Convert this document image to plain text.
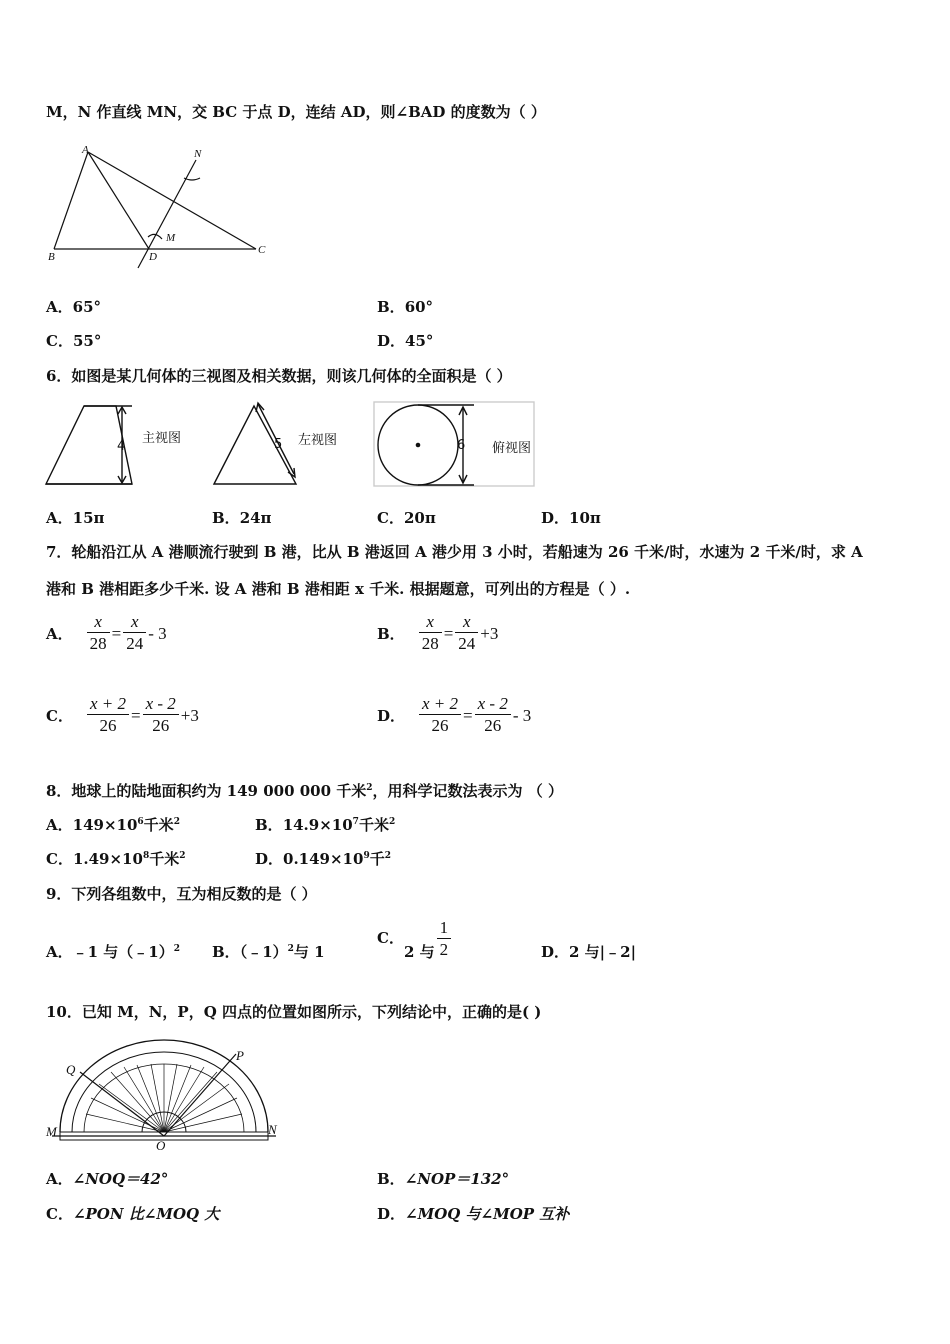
M，N 作直线 MN，交 BC 于点 D，连结 AD，则∠BAD 的度数为（ ）
A	N
M
B	D
C
A．65°	B．60°
C．55°	D．45°
6．如图是某几何体的三视图及相关数据，则该几何体的全面积是（ ）
4
主视图	5 左视图	6 俯视图
A．15π	B．24π	C．20π	D．10π
7．轮船沿江从 A 港顺流行驶到 B 港，比从 B 港返回 A 港少用 3 小时，若船速为 26 千米/时，水速为 2 千米/时，求 A
港和 B 港相距多少千米. 设 A 港和 B 港相距 x 千米. 根据题意，可列出的方程是（ ）.
A． $\frac{x}{28} = \frac{x}{24} - 3$	B． $\frac{x}{28} = \frac{x}{24} +3$
C． $\frac{x + 2}{26} = \frac{x - 2}{26} +3$	D． $\frac{x + 2}{26} = \frac{x - 2}{26} - 3$
8．地球上的陆地面积约为 149 000 000 千米$^2$，用科学记数法表示为 （ ）
A．$149\times 10^6$千米$^2$	B．$14.9\times 10^7$千米$^2$
C．$1.49\times 10^8$千米$^2$	D．$0.149\times 10^9$千$^2$
9．下列各组数中，互为相反数的是（ ）
A．﹣1 与（﹣1）$^2$ B．（﹣1）$^2$与 1
C．
2 与 $\frac{1}{2}$	D．2 与|﹣2|
10．已知 M，N，P，Q 四点的位置如图所示，下列结论中，正确的是( )
Q
P
M	N
O
A．∠NOQ＝42°	B．∠NOP＝132°
C．∠PON 比∠MOQ 大	D．∠MOQ 与∠MOP 互补
